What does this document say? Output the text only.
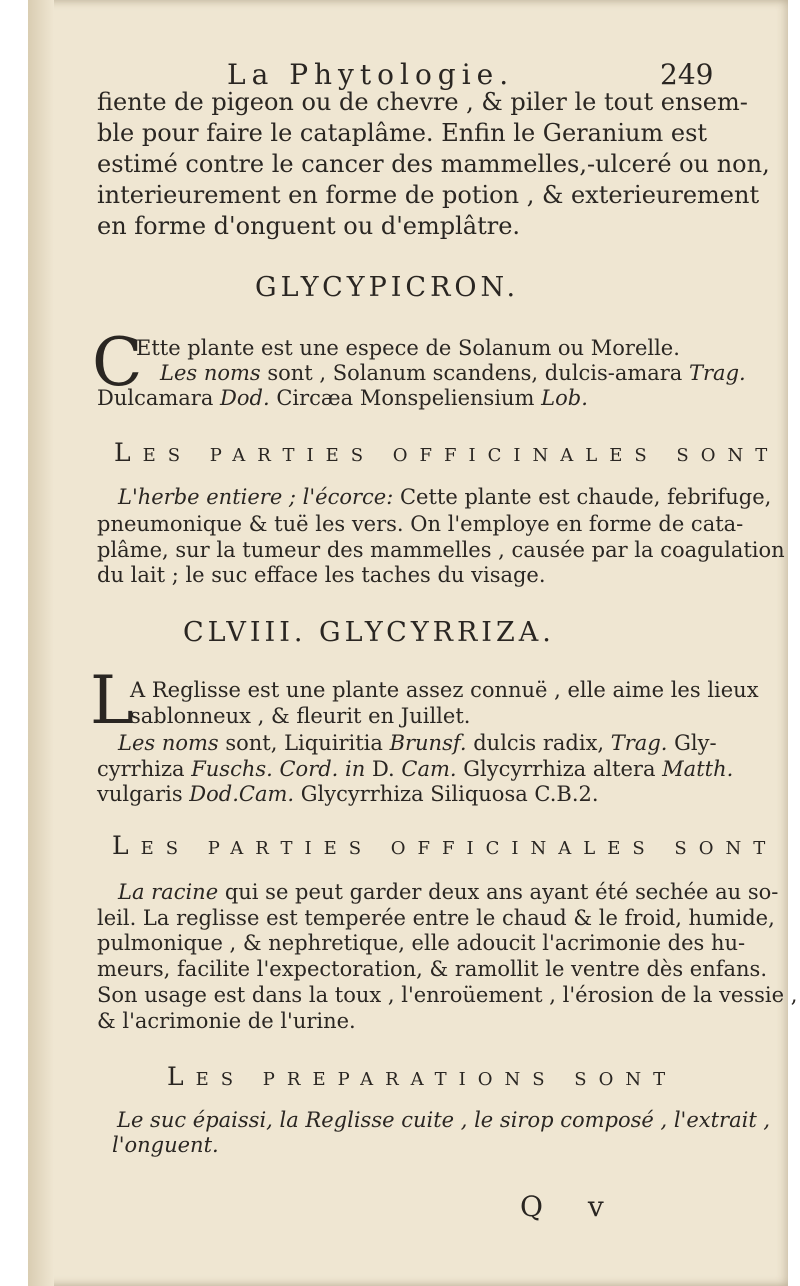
La Phytologie.	249
fiente de pigeon ou de chevre , & piler le tout ensem-
ble pour faire le cataplâme. Enfin le Geranium est
estimé contre le cancer des mammelles,-ulceré ou non,
interieurement en forme de potion , & exterieurement
en forme d'onguent ou d'emplâtre.
GLYCYPICRON.
C
Ette plante est une espece de Solanum ou Morelle.
Les noms sont , Solanum scandens, dulcis-amara Trag.
Dulcamara Dod. Circæa Monspeliensium Lob.
LES PARTIES OFFICINALES SONT
L'herbe entiere ; l'écorce: Cette plante est chaude, febrifuge,
pneumonique & tuë les vers. On l'employe en forme de cata-
plâme, sur la tumeur des mammelles , causée par la coagulation
du lait ; le suc efface les taches du visage.
CLVIII. GLYCYRRIZA.
L
A Reglisse est une plante assez connuë , elle aime les lieux
sablonneux , & fleurit en Juillet.
Les noms sont, Liquiritia Brunsf. dulcis radix, Trag. Gly-
cyrrhiza Fuschs. Cord. in D. Cam. Glycyrrhiza altera Matth.
vulgaris Dod.Cam. Glycyrrhiza Siliquosa C.B.2.
LES PARTIES OFFICINALES SONT
La racine qui se peut garder deux ans ayant été sechée au so-
leil. La reglisse est temperée entre le chaud & le froid, humide,
pulmonique , & nephretique, elle adoucit l'acrimonie des hu-
meurs, facilite l'expectoration, & ramollit le ventre dès enfans.
Son usage est dans la toux , l'enroüement , l'érosion de la vessie ,
& l'acrimonie de l'urine.
LES PREPARATIONS SONT
Le suc épaissi, la Reglisse cuite , le sirop composé , l'extrait ,
l'onguent.
Q v
